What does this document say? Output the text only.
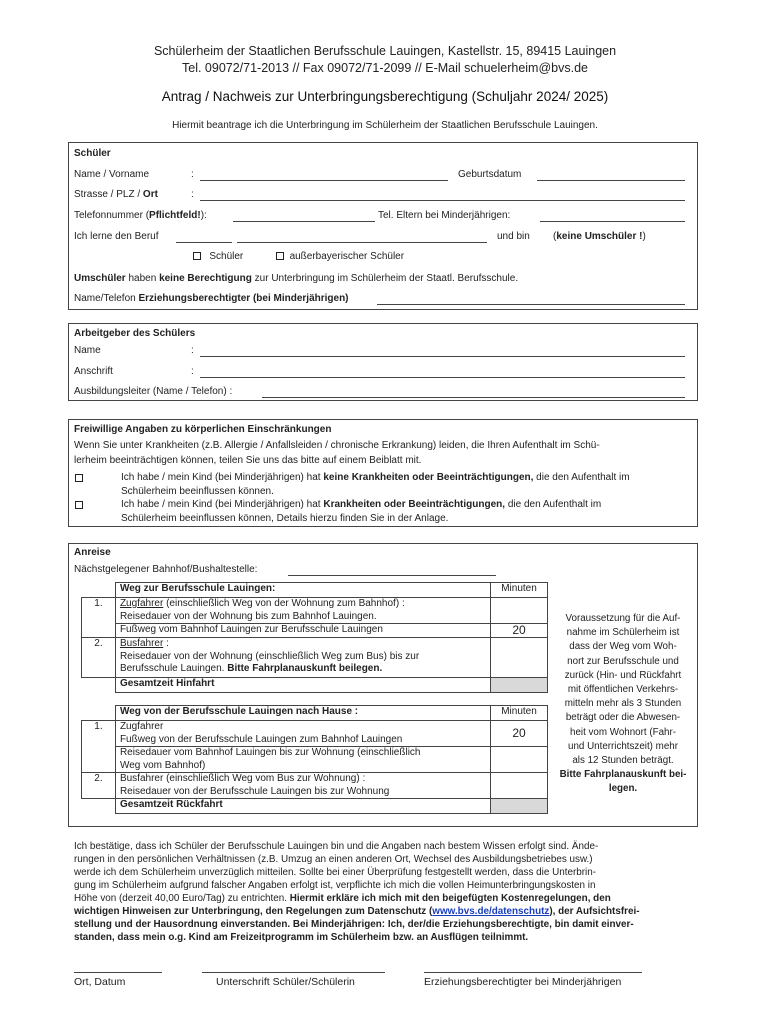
Schülerheim der Staatlichen Berufsschule Lauingen, Kastellstr. 15, 89415 Lauingen
Tel. 09072/71-2013 // Fax 09072/71-2099 // E-Mail schuelerheim@bvs.de
Antrag / Nachweis zur Unterbringungsberechtigung (Schuljahr 2024/ 2025)
Hiermit beantrage ich die Unterbringung im Schülerheim der Staatlichen Berufsschule Lauingen.
Schüler
Name / Vorname	:	Geburtsdatum
Strasse / PLZ / Ort	:
Telefonnummer (Pflichtfeld!):	Tel. Eltern bei Minderjährigen:
Ich lerne den Beruf	und bin (keine Umschüler !)
Schüler	außerbayerischer Schüler
Umschüler haben keine Berechtigung zur Unterbringung im Schülerheim der Staatl. Berufsschule.
Name/Telefon Erziehungsberechtigter (bei Minderjährigen)
Arbeitgeber des Schülers
Name	:
Anschrift	:
Ausbildungsleiter (Name / Telefon) :
Freiwillige Angaben zu körperlichen Einschränkungen
Wenn Sie unter Krankheiten (z.B. Allergie / Anfallsleiden / chronische Erkrankung) leiden, die Ihren Aufenthalt im Schü-
lerheim beeinträchtigen können, teilen Sie uns das bitte auf einem Beiblatt mit.
Ich habe / mein Kind (bei Minderjährigen) hat keine Krankheiten oder Beeinträchtigungen, die den Aufenthalt im
Schülerheim beeinflussen können.
Ich habe / mein Kind (bei Minderjährigen) hat Krankheiten oder Beeinträchtigungen, die den Aufenthalt im
Schülerheim beeinflussen können, Details hierzu finden Sie in der Anlage.
Anreise
Nächstgelegener Bahnhof/Bushaltestelle:
	Weg zur Berufsschule Lauingen:	Minuten
1.	Zugfahrer (einschließlich Weg von der Wohnung zum Bahnhof) :
Reisedauer von der Wohnung bis zum Bahnhof Lauingen.	
	Fußweg vom Bahnhof Lauingen zur Berufsschule Lauingen	20
2.	Busfahrer :
Reisedauer von der Wohnung (einschließlich Weg zum Bus) bis zur
Berufsschule Lauingen. Bitte Fahrplanauskunft beilegen.	
	Gesamtzeit Hinfahrt	
	Weg von der Berufsschule Lauingen nach Hause :	Minuten
1.	Zugfahrer
Fußweg von der Berufsschule Lauingen zum Bahnhof Lauingen	20
	Reisedauer vom Bahnhof Lauingen bis zur Wohnung (einschließlich
Weg vom Bahnhof)	
2.	Busfahrer (einschließlich Weg vom Bus zur Wohnung) :
Reisedauer von der Berufsschule Lauingen bis zur Wohnung	
	Gesamtzeit Rückfahrt	
Voraussetzung für die Auf-
nahme im Schülerheim ist
dass der Weg vom Woh-
nort zur Berufsschule und
zurück (Hin- und Rückfahrt
mit öffentlichen Verkehrs-
mitteln mehr als 3 Stunden
beträgt oder die Abwesen-
heit vom Wohnort (Fahr-
und Unterrichtszeit) mehr
als 12 Stunden beträgt.
Bitte Fahrplanauskunft bei-
legen.
Ich bestätige, dass ich Schüler der Berufsschule Lauingen bin und die Angaben nach bestem Wissen erfolgt sind. Ände-
rungen in den persönlichen Verhältnissen (z.B. Umzug an einen anderen Ort, Wechsel des Ausbildungsbetriebes usw.)
werde ich dem Schülerheim unverzüglich mitteilen. Sollte bei einer Überprüfung festgestellt werden, dass die Unterbrin-
gung im Schülerheim aufgrund falscher Angaben erfolgt ist, verpflichte ich mich die vollen Heimunterbringungskosten in
Höhe von (derzeit 40,00 Euro/Tag) zu entrichten. Hiermit erkläre ich mich mit den beigefügten Kostenregelungen, den
wichtigen Hinweisen zur Unterbringung, den Regelungen zum Datenschutz (www.bvs.de/datenschutz), der Aufsichtsfrei-
stellung und der Hausordnung einverstanden. Bei Minderjährigen: Ich, der/die Erziehungsberechtigte, bin damit einver-
standen, dass mein o.g. Kind am Freizeitprogramm im Schülerheim bzw. an Ausflügen teilnimmt.
Ort, Datum	Unterschrift Schüler/Schülerin	Erziehungsberechtigter bei Minderjährigen
